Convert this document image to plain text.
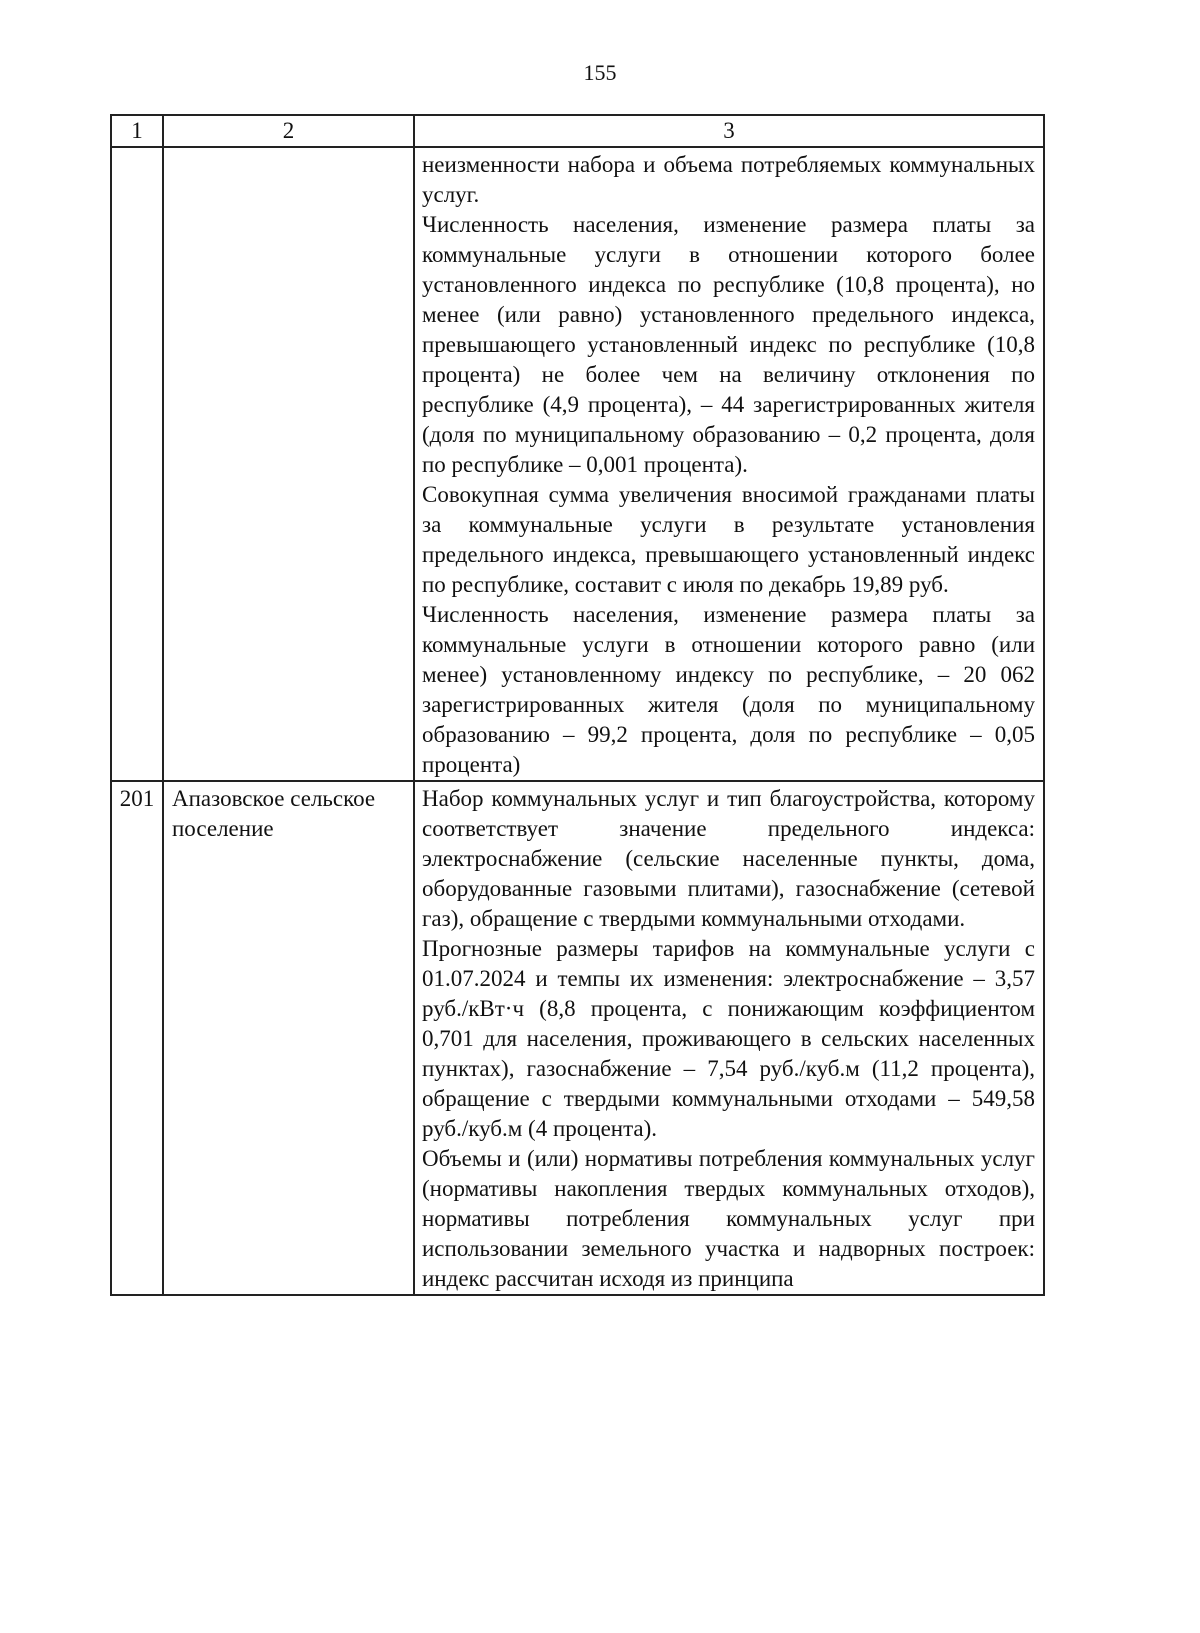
155
1	2	3

		неизменности набора и объема потребляемых коммунальных услуг.

Численность населения, изменение размера платы за коммунальные услуги в отношении которого более установленного индекса по республике (10,8 процента), но менее (или равно) установленного предельного индекса, превышающего установленный индекс по республике (10,8 процента) не более чем на величину отклонения по республике (4,9 процента), – 44 зарегистрированных жителя (доля по муниципальному образованию – 0,2 процента, доля по республике – 0,001 процента).

Совокупная сумма увеличения вносимой гражданами платы за коммунальные услуги в результате установления предельного индекса, превышающего установленный индекс по республике, составит с июля по декабрь 19,89 руб.

Численность населения, изменение размера платы за коммунальные услуги в отношении которого равно (или менее) установленному индексу по республике, – 20 062 зарегистрированных жителя (доля по муниципальному образованию – 99,2 процента, доля по республике – 0,05 процента)

201	Апазовское сельское поселение	Набор коммунальных услуг и тип благоустройства, которому соответствует значение предельного индекса: электроснабжение (сельские населенные пункты, дома, оборудованные газовыми плитами), газоснабжение (сетевой газ), обращение с твердыми коммунальными отходами.

Прогнозные размеры тарифов на коммунальные услуги с 01.07.2024 и темпы их изменения: электроснабжение – 3,57 руб./кВт·ч (8,8 процента, с понижающим коэффициентом 0,701 для населения, проживающего в сельских населенных пунктах), газоснабжение – 7,54 руб./куб.м (11,2 процента), обращение с твердыми коммунальными отходами – 549,58 руб./куб.м (4 процента).

Объемы и (или) нормативы потребления коммунальных услуг (нормативы накопления твердых коммунальных отходов), нормативы потребления коммунальных услуг при использовании земельного участка и надворных построек: индекс рассчитан исходя из принципа
